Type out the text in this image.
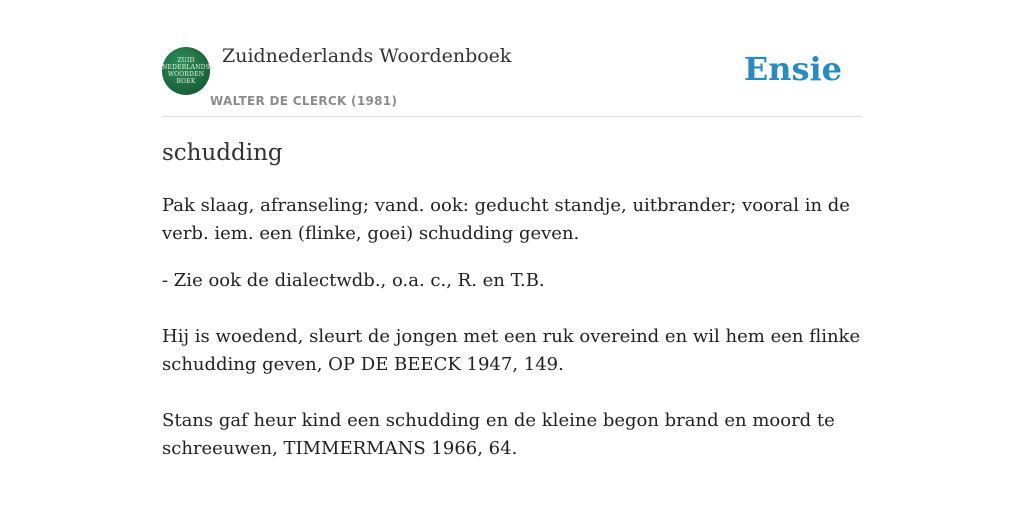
ZUID
NEDERLANDS
WOORDEN
BOEK
Zuidnederlands Woordenboek
WALTER DE CLERCK (1981)
Ensie
schudding

Pak slaag, afranseling; vand. ook: geducht standje, uitbrander; vooral in de verb. iem. een (flinke, goei) schudding geven.

- Zie ook de dialectwdb., o.a. c., R. en T.B.

Hij is woedend, sleurt de jongen met een ruk overeind en wil hem een flinke schudding geven, OP DE BEECK 1947, 149.

Stans gaf heur kind een schudding en de kleine begon brand en moord te schreeuwen, TIMMERMANS 1966, 64.
